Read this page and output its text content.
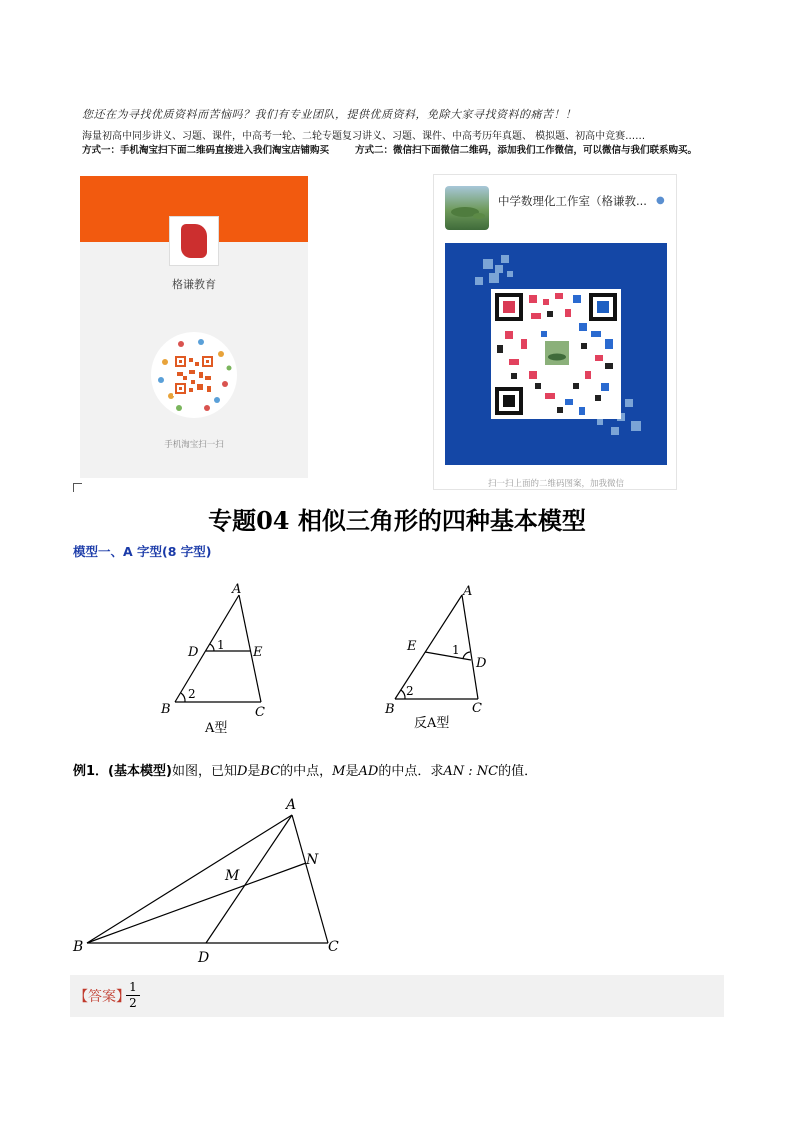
您还在为寻找优质资料而苦恼吗？我们有专业团队，提供优质资料，免除大家寻找资料的痛苦！！
海量初高中同步讲义、习题、课件，中高考一轮、二轮专题复习讲义、习题、课件、中高考历年真题、 模拟题、初高中竞赛……
方式一：手机淘宝扫下面二维码直接进入我们淘宝店铺购买	方式二：微信扫下面微信二维码，添加我们工作微信，可以微信与我们联系购买。
格谦教育
手机淘宝扫一扫
中学数理化工作室（格谦教... ●
扫一扫上面的二维码图案，加我微信
专题04 相似三角形的四种基本模型
模型一、A 字型(8 字型)
A
D	E
1
2
B	C
A型
A
E
D
1
2
B	C
反A型
例1．(基本模型)如图，已知D是BC的中点，M是AD的中点．求AN : NC的值．
A
N
M
B
D
C
【答案】
1
2
